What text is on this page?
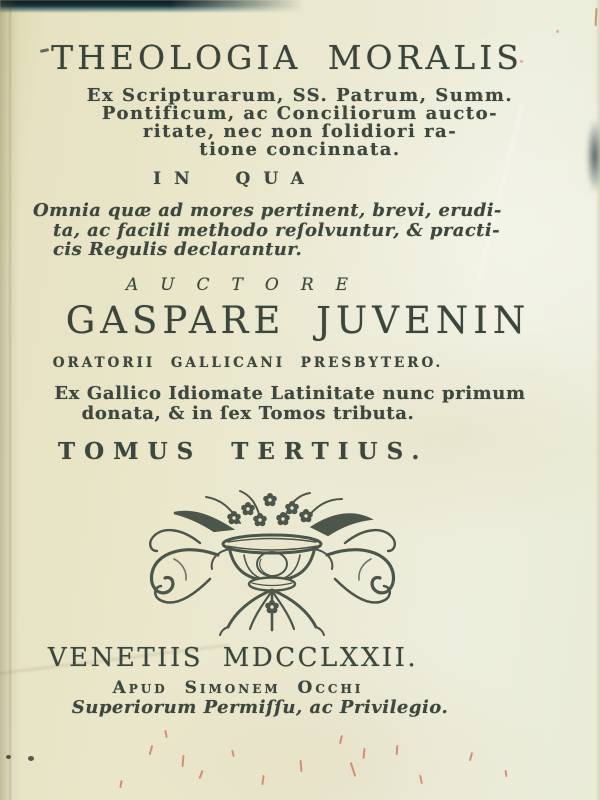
THEOLOGIA MORALIS
Ex Scripturarum, SS. Patrum, Summ.
Pontificum, ac Conciliorum aucto-
ritate, nec non ſolidiori ra-
tione concinnata.
IN QUA
Omnia quæ ad mores pertinent, brevi, erudi-
ta, ac facili methodo reſolvuntur, & practi-
cis Regulis declarantur.
AUCTORE
GASPARE JUVENIN
ORATORII GALLICANI PRESBYTERO.
Ex Gallico Idiomate Latinitate nunc primum
donata, & in ſex Tomos tributa.
TOMUS TERTIUS.
VENETIIS MDCCLXXII.
Apud Simonem Occhi
Superiorum Permiſſu, ac Privilegio.
